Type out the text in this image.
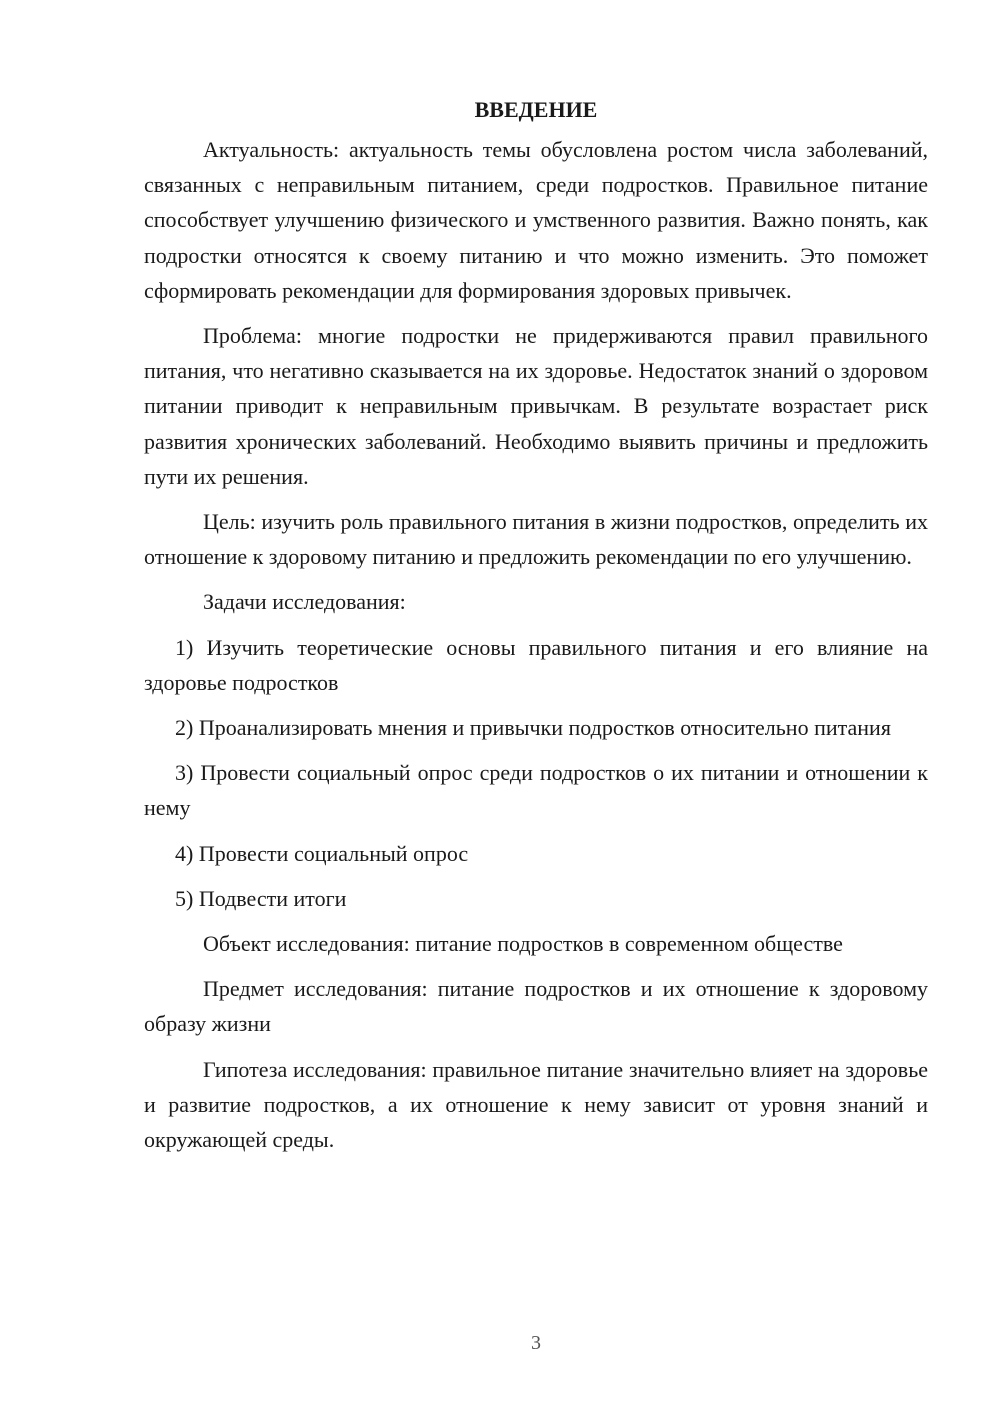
ВВЕДЕНИЕ

Актуальность: актуальность темы обусловлена ростом числа заболеваний, связанных с неправильным питанием, среди подростков. Правильное питание способствует улучшению физического и умственного развития. Важно понять, как подростки относятся к своему питанию и что можно изменить. Это поможет сформировать рекомендации для формирования здоровых привычек.

Проблема: многие подростки не придерживаются правил правильного питания, что негативно сказывается на их здоровье. Недостаток знаний о здоровом питании приводит к неправильным привычкам. В результате возрастает риск развития хронических заболеваний. Необходимо выявить причины и предложить пути их решения.

Цель: изучить роль правильного питания в жизни подростков, определить их отношение к здоровому питанию и предложить рекомендации по его улучшению.

Задачи исследования:

1) Изучить теоретические основы правильного питания и его влияние на здоровье подростков

2) Проанализировать мнения и привычки подростков относительно питания

3) Провести социальный опрос среди подростков о их питании и отношении к нему

4) Провести социальный опрос

5) Подвести итоги

Объект исследования: питание подростков в современном обществе

Предмет исследования: питание подростков и их отношение к здоровому образу жизни

Гипотеза исследования: правильное питание значительно влияет на здоровье и развитие подростков, а их отношение к нему зависит от уровня знаний и окружающей среды.

3
